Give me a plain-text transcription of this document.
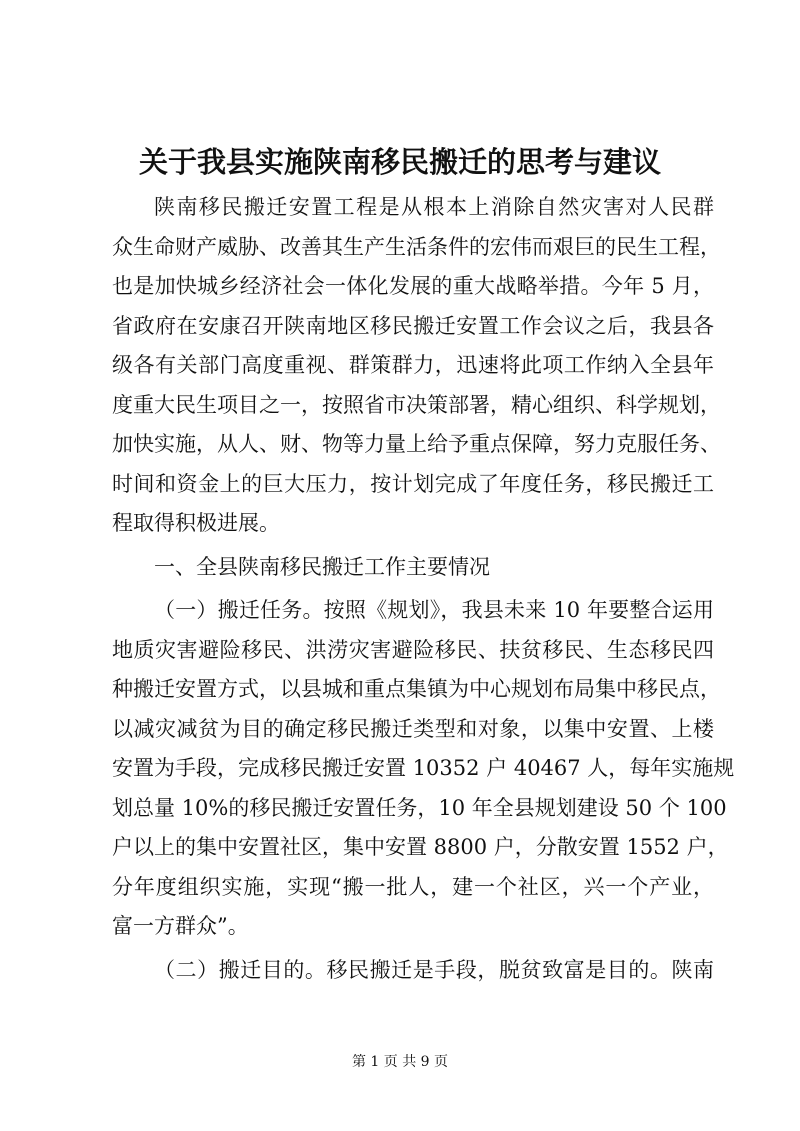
关于我县实施陕南移民搬迁的思考与建议
陕南移民搬迁安置工程是从根本上消除自然灾害对人民群
众生命财产威胁、改善其生产生活条件的宏伟而艰巨的民生工程，
也是加快城乡经济社会一体化发展的重大战略举措。今年 5 月，
省政府在安康召开陕南地区移民搬迁安置工作会议之后，我县各
级各有关部门高度重视、群策群力，迅速将此项工作纳入全县年
度重大民生项目之一，按照省市决策部署，精心组织、科学规划，
加快实施，从人、财、物等力量上给予重点保障，努力克服任务、
时间和资金上的巨大压力，按计划完成了年度任务，移民搬迁工
程取得积极进展。
一、全县陕南移民搬迁工作主要情况
（一）搬迁任务。按照《规划》，我县未来 10 年要整合运用
地质灾害避险移民、洪涝灾害避险移民、扶贫移民、生态移民四
种搬迁安置方式，以县城和重点集镇为中心规划布局集中移民点，
以减灾减贫为目的确定移民搬迁类型和对象，以集中安置、上楼
安置为手段，完成移民搬迁安置 10352 户 40467 人，每年实施规
划总量 10%的移民搬迁安置任务，10 年全县规划建设 50 个 100
户以上的集中安置社区，集中安置 8800 户，分散安置 1552 户，
分年度组织实施，实现“搬一批人，建一个社区，兴一个产业，
富一方群众”。
（二）搬迁目的。移民搬迁是手段，脱贫致富是目的。陕南
第 1 页 共 9 页
